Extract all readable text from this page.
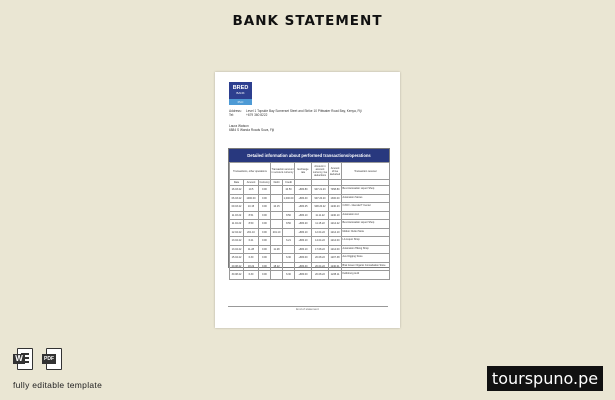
BANK STATEMENT
BRED
BANK
PLC
Address: Level 1 Topside Bay Somerset Steet and Strike 10 Pittwater Road Bay, Kenya, Fiji
Tel:	+679 360 8222
Laura Watson
6884 S Wanda Roads Suva, Fiji
Detailed information about performed transactions/operations
Transactions, other operations			Transaction amount in account currency		Exchange rate	Amount in account currency, fee deductions	Amount of fee deducted	Transaction receiver
Date	Amount	Currency	Debit	Credit				
16.03.22	10.5	FJD		10.50	+680.80	907.21.23	7458.80	Best Autonation Liquor Shop
06.03.22	1000.00	FJD		1,000.00	+680.40	907.20.20	1300.00	Autonation Stores
09.03.22	10.15	FJD	10.15		+680.25	908.20.22	1240.23	OJCO - Glenda IT Center
11.03.22	8.51	FJD		8.50	+680.10	11.11.22	1240.10	Autonation Ltd
11.04.22	8.50	FJD		8.50	+680.20	11.15.22	1214.22	Best Autonation Liquor Shop
12.04.22	201.10	FJD	201.10		+680.10	12.04.22	1214.10	Motion Outlet Store
13.04.22	6.21	FJD		6.21	+680.10	14.04.22	1214.00	LA Liquor Shop
13.04.22	11.28	FJD	11.28		+680.10	17.08.22	1214.00	Autonation Hiking Shop
15.04.22	6.30	FJD		6.30	+680.00	20.08.22	1207.38	Ave Digging Store
20.08.22	18.22	FJD	18.22		+680.40	20.04.22	1240.01	Brat Green Organic Consultation Store
30.08.22	6.30	FJD		6.30	+680.00	20.08.22	1245.11	Kellisburg & Ali
End of statement
W	PDF
fully editable template	tourspuno.pe
